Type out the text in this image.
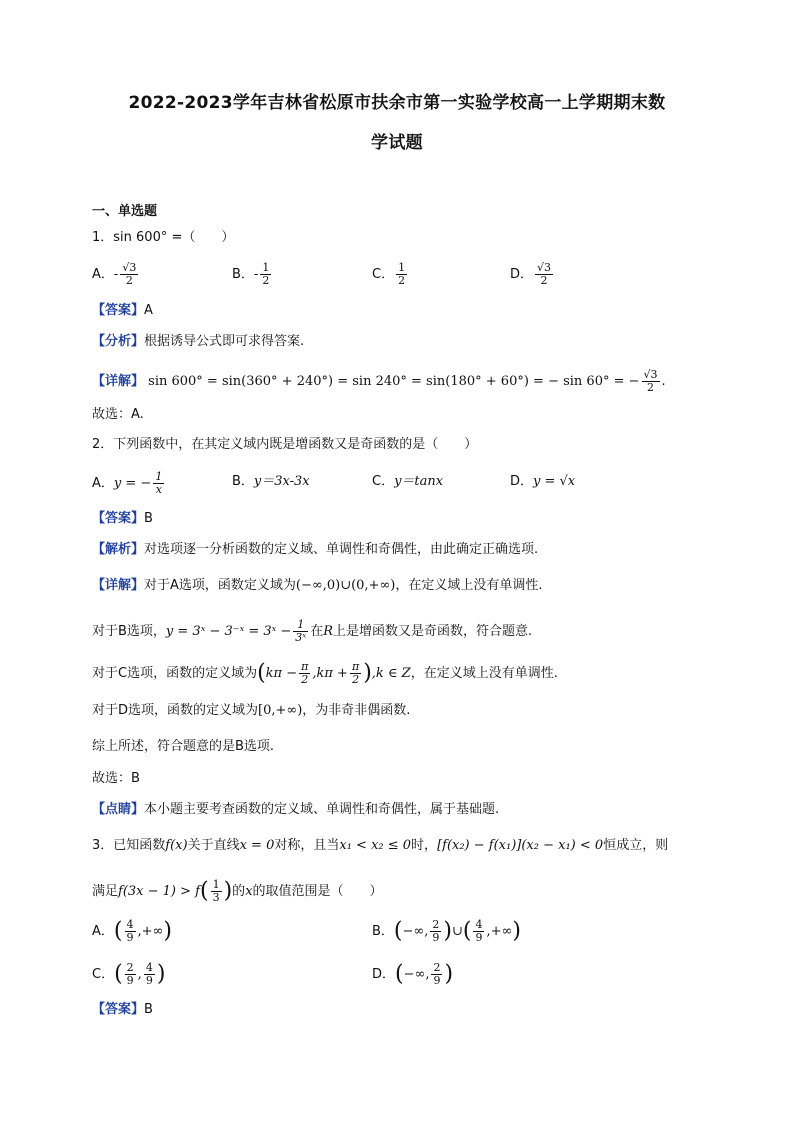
2022-2023学年吉林省松原市扶余市第一实验学校高一上学期期末数
学试题
一、单选题
1．sin 600° =（　　）
A．- $\frac{√3}{2}$	B．- $\frac{1}{2}$	C． $\frac{1}{2}$	D． $\frac{√3}{2}$
【答案】A
【分析】根据诱导公式即可求得答案.
【详解】 sin 600° = sin(360° + 240°) = sin 240° = sin(180° + 60°) = − sin 60° = − $\frac{√3}{2}$ .
故选：A.
2．下列函数中，在其定义域内既是增函数又是奇函数的是（　　）
A．y = − $\frac{1}{x}$	B．y＝3x-3x	C．y＝tanx	D．y = √x
【答案】B
【解析】对选项逐一分析函数的定义域、单调性和奇偶性，由此确定正确选项.
【详解】对于A选项，函数定义域为(−∞,0)∪(0,+∞)，在定义域上没有单调性.
对于B选项，y = 3ˣ − 3⁻ˣ = 3ˣ − $\frac{1}{\text{3ˣ}}$ 在R上是增函数又是奇函数，符合题意.
对于C选项，函数的定义域为$(k\pi - \frac{\pi}{2} ,k\pi + \frac{\pi}{2} ),k$ ∈ Z，在定义域上没有单调性.
对于D选项，函数的定义域为[0,+∞)，为非奇非偶函数.
综上所述，符合题意的是B选项.
故选：B
【点睛】本小题主要考查函数的定义域、单调性和奇偶性，属于基础题.
3．已知函数f(x)关于直线x = 0对称，且当x₁ < x₂ ≤ 0时，[f(x₂) − f(x₁)](x₂ − x₁) < 0恒成立，则
满足$f(3x - 1) > f( \frac{1}{3}$ )的x的取值范围是（　　）
A．( $\frac{4}{9}$ ,+∞)	B．(−∞, $\frac{2}{9}$ )∪( $\frac{4}{9}$ ,+∞)
C．( $\frac{2}{9}$ , $\frac{4}{9}$ )	D．(−∞, $\frac{2}{9}$ )
【答案】B
